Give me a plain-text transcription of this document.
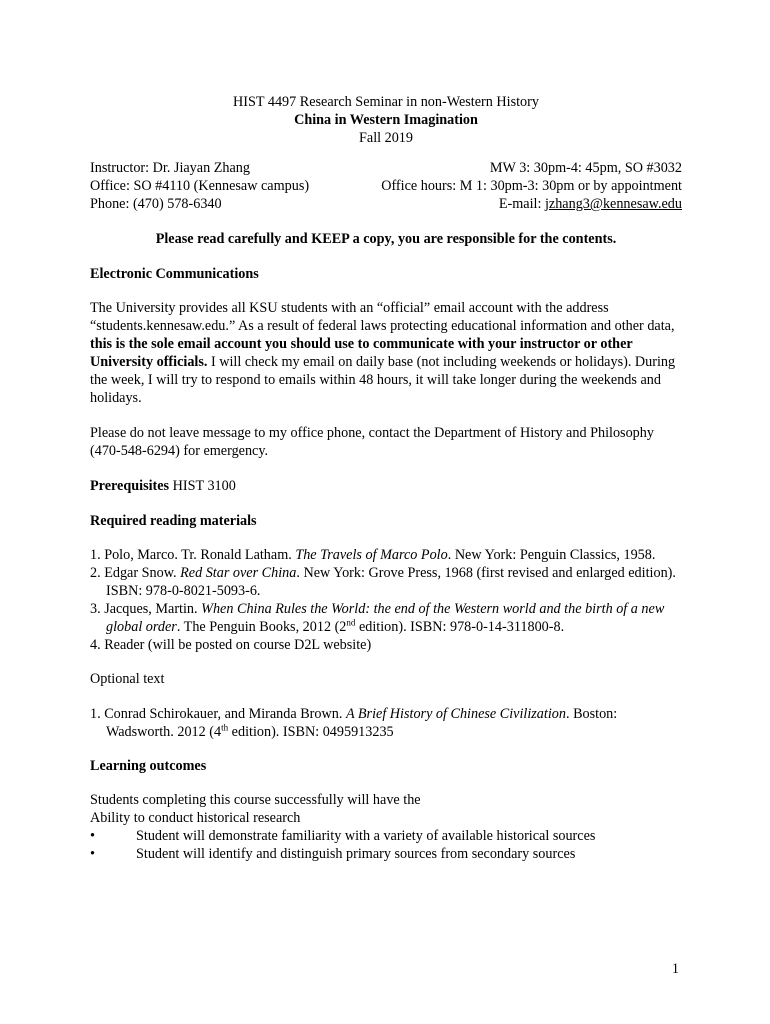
HIST 4497 Research Seminar in non-Western History
China in Western Imagination
Fall 2019
Instructor: Dr. Jiayan Zhang	MW 3: 30pm-4: 45pm, SO #3032
Office: SO #4110 (Kennesaw campus)	Office hours: M 1: 30pm-3: 30pm or by appointment
Phone: (470) 578-6340	E-mail: jzhang3@kennesaw.edu

Please read carefully and KEEP a copy, you are responsible for the contents.

Electronic Communications

The University provides all KSU students with an “official” email account with the address “students.kennesaw.edu.” As a result of federal laws protecting educational information and other data, this is the sole email account you should use to communicate with your instructor or other University officials. I will check my email on daily base (not including weekends or holidays). During the week, I will try to respond to emails within 48 hours, it will take longer during the weekends and holidays.

Please do not leave message to my office phone, contact the Department of History and Philosophy (470-548-6294) for emergency.

Prerequisites HIST 3100

Required reading materials

1. Polo, Marco. Tr. Ronald Latham. The Travels of Marco Polo. New York: Penguin Classics, 1958.
2. Edgar Snow. Red Star over China. New York: Grove Press, 1968 (first revised and enlarged edition). ISBN: 978-0-8021-5093-6.
3. Jacques, Martin. When China Rules the World: the end of the Western world and the birth of a new global order. The Penguin Books, 2012 (2nd edition). ISBN: 978-0-14-311800-8.
4. Reader (will be posted on course D2L website)

Optional text

1. Conrad Schirokauer, and Miranda Brown. A Brief History of Chinese Civilization. Boston: Wadsworth. 2012 (4th edition). ISBN: 0495913235

Learning outcomes

Students completing this course successfully will have the
Ability to conduct historical research
•	Student will demonstrate familiarity with a variety of available historical sources
•	Student will identify and distinguish primary sources from secondary sources
1
